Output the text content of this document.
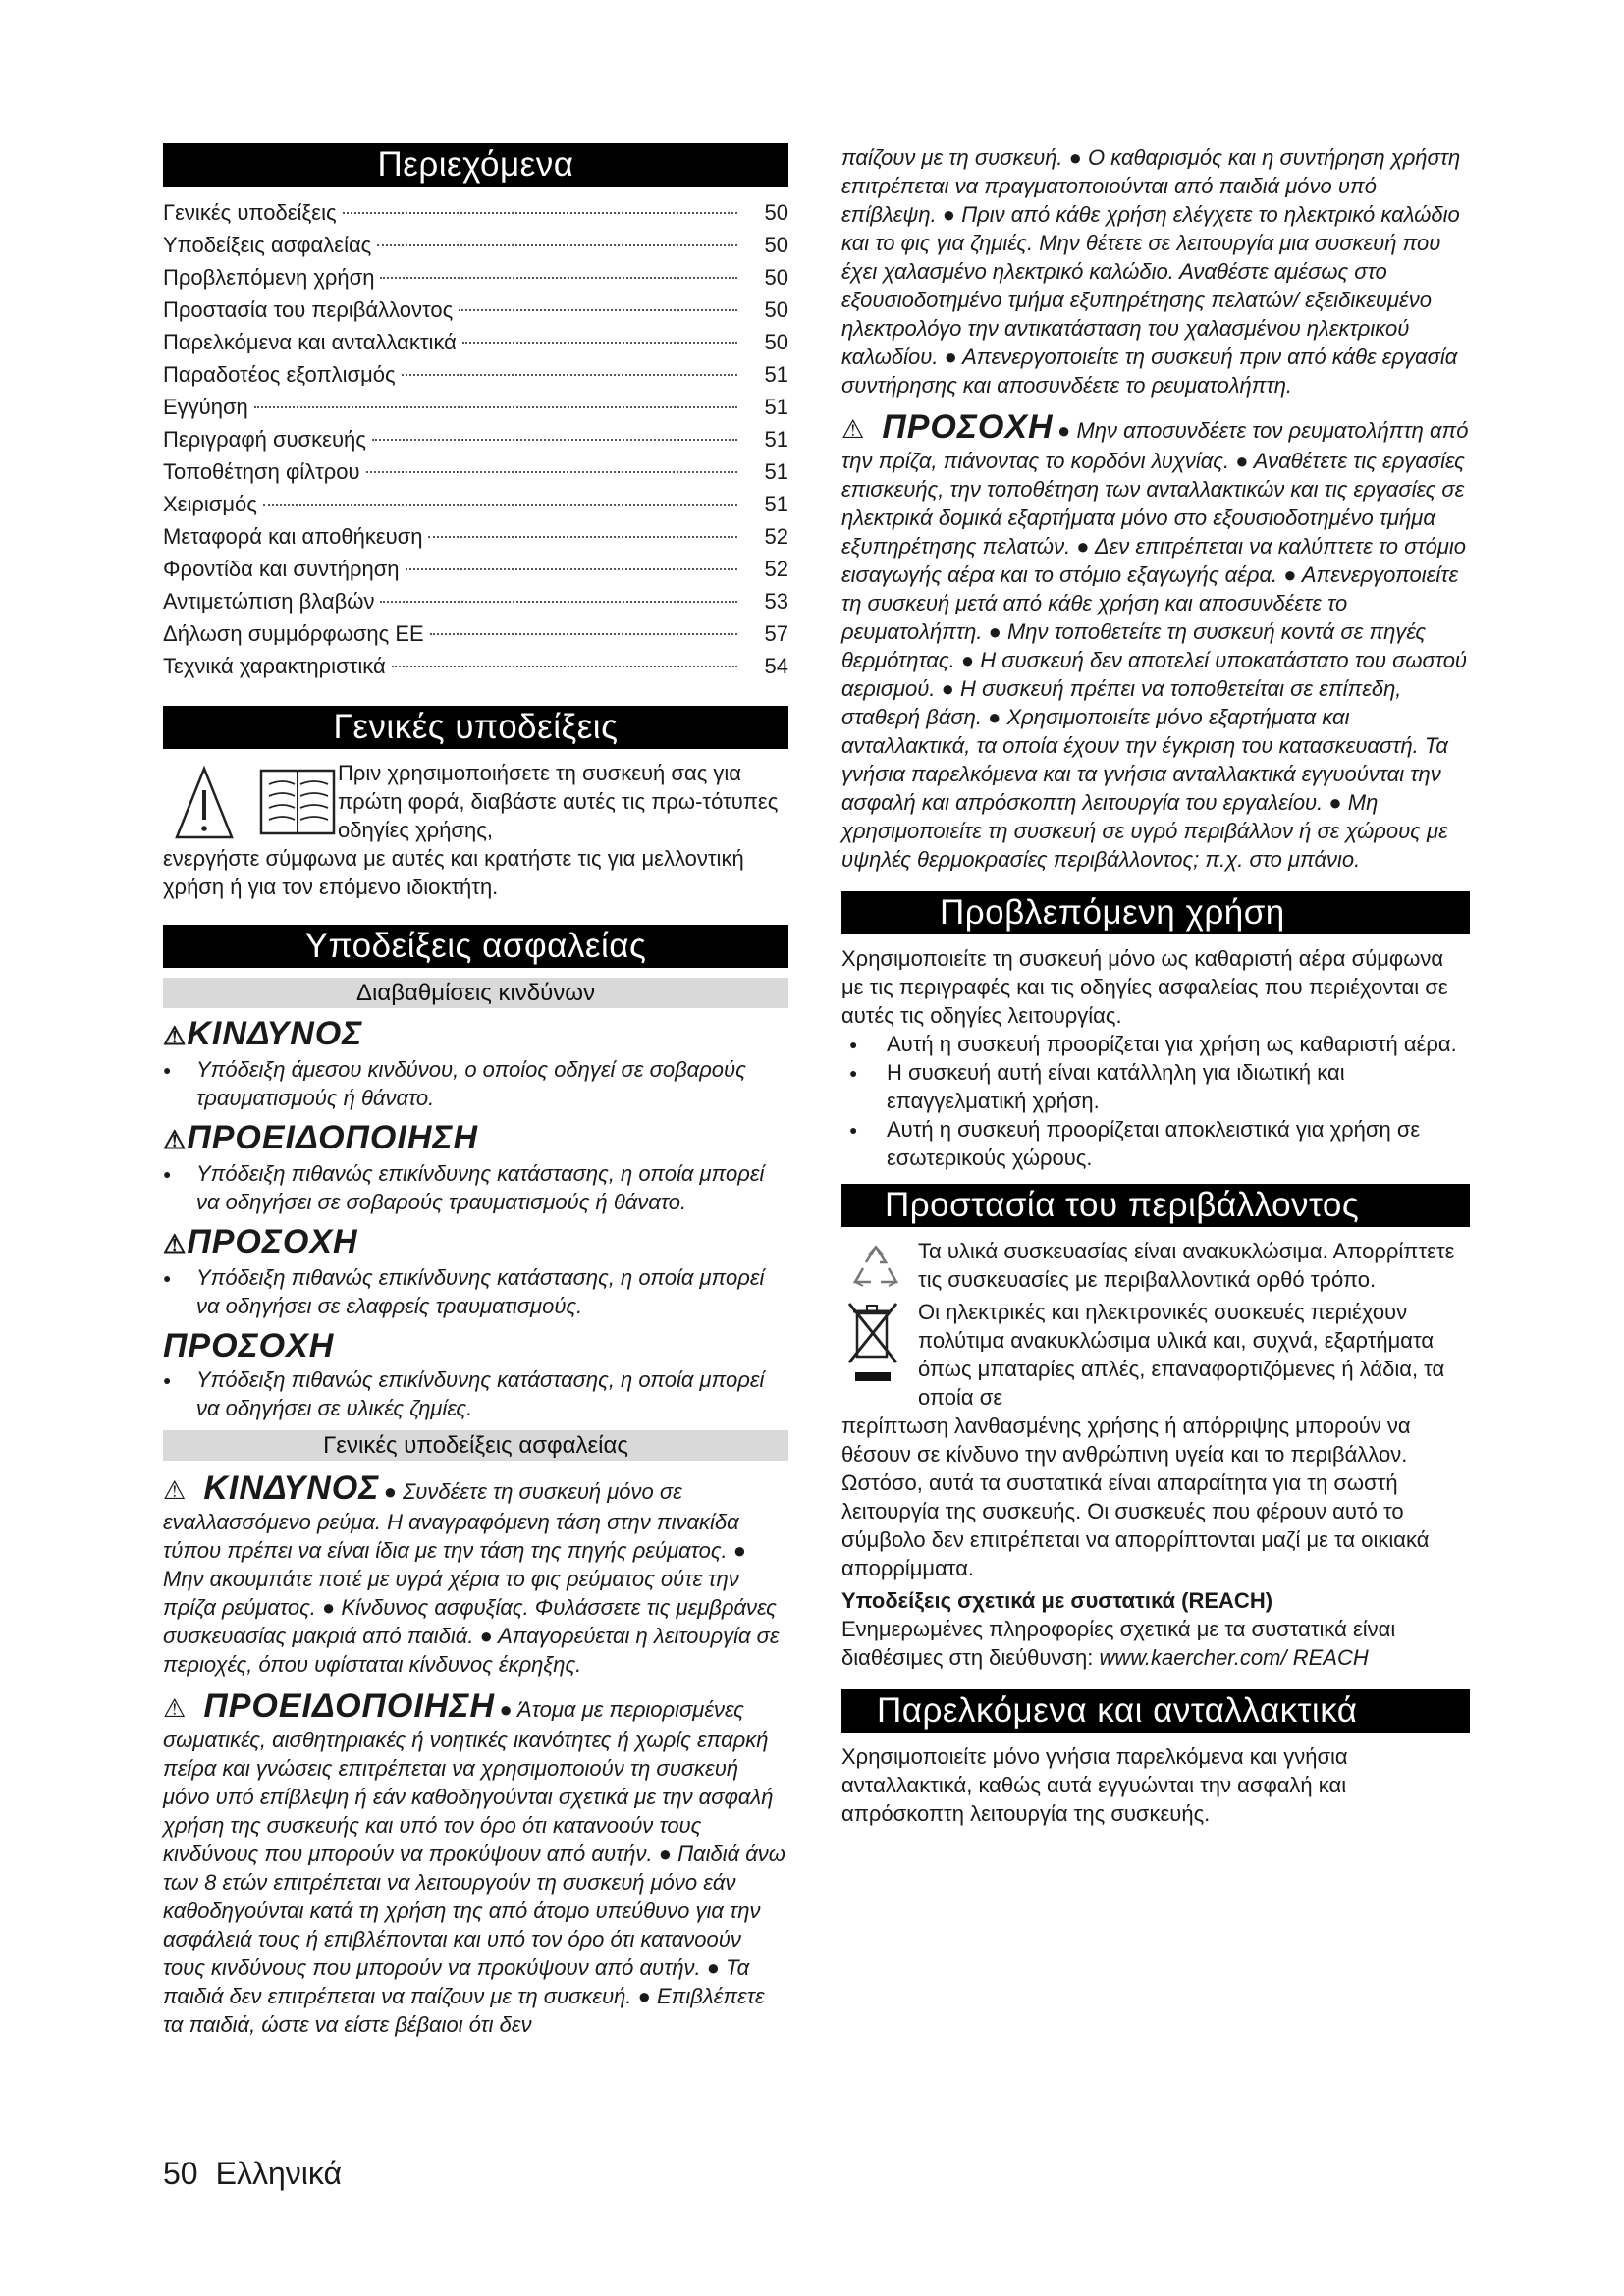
Περιεχόμενα
Γενικές υποδείξεις	50
Υποδείξεις ασφαλείας	50
Προβλεπόμενη χρήση	50
Προστασία του περιβάλλοντος	50
Παρελκόμενα και ανταλλακτικά	50
Παραδοτέος εξοπλισμός	51
Εγγύηση	51
Περιγραφή συσκευής	51
Τοποθέτηση φίλτρου	51
Χειρισμός	51
Μεταφορά και αποθήκευση	52
Φροντίδα και συντήρηση	52
Αντιμετώπιση βλαβών	53
Δήλωση συμμόρφωσης ΕΕ	57
Τεχνικά χαρακτηριστικά	54
Γενικές υποδείξεις
Πριν χρησιμοποιήσετε τη συσκευή σας για πρώτη φορά, διαβάστε αυτές τις πρω-τότυπες οδηγίες χρήσης,
ενεργήστε σύμφωνα με αυτές και κρατήστε τις για μελλοντική χρήση ή για τον επόμενο ιδιοκτήτη.
Υποδείξεις ασφαλείας
Διαβαθμίσεις κινδύνων
⚠ΚΙΝΔΥΝΟΣ
● Υπόδειξη άμεσου κινδύνου, ο οποίος οδηγεί σε σοβαρούς τραυματισμούς ή θάνατο.
⚠ΠΡΟΕΙΔΟΠΟΙΗΣΗ
● Υπόδειξη πιθανώς επικίνδυνης κατάστασης, η οποία μπορεί να οδηγήσει σε σοβαρούς τραυματισμούς ή θάνατο.
⚠ΠΡΟΣΟΧΗ
● Υπόδειξη πιθανώς επικίνδυνης κατάστασης, η οποία μπορεί να οδηγήσει σε ελαφρείς τραυματισμούς.
ΠΡΟΣΟΧΗ
● Υπόδειξη πιθανώς επικίνδυνης κατάστασης, η οποία μπορεί να οδηγήσει σε υλικές ζημίες.
Γενικές υποδείξεις ασφαλείας
⚠ ΚΙΝΔΥΝΟΣ ● Συνδέετε τη συσκευή μόνο σε εναλλασσόμενο ρεύμα. Η αναγραφόμενη τάση στην πινακίδα τύπου πρέπει να είναι ίδια με την τάση της πηγής ρεύματος. ● Μην ακουμπάτε ποτέ με υγρά χέρια το φις ρεύματος ούτε την πρίζα ρεύματος. ● Κίνδυνος ασφυξίας. Φυλάσσετε τις μεμβράνες συσκευασίας μακριά από παιδιά. ● Απαγορεύεται η λειτουργία σε περιοχές, όπου υφίσταται κίνδυνος έκρηξης.
⚠ ΠΡΟΕΙΔΟΠΟΙΗΣΗ ● Άτομα με περιορισμένες σωματικές, αισθητηριακές ή νοητικές ικανότητες ή χωρίς επαρκή πείρα και γνώσεις επιτρέπεται να χρησιμοποιούν τη συσκευή μόνο υπό επίβλεψη ή εάν καθοδηγούνται σχετικά με την ασφαλή χρήση της συσκευής και υπό τον όρο ότι κατανοούν τους κινδύνους που μπορούν να προκύψουν από αυτήν. ● Παιδιά άνω των 8 ετών επιτρέπεται να λειτουργούν τη συσκευή μόνο εάν καθοδηγούνται κατά τη χρήση της από άτομο υπεύθυνο για την ασφάλειά τους ή επιβλέπονται και υπό τον όρο ότι κατανοούν τους κινδύνους που μπορούν να προκύψουν από αυτήν. ● Τα παιδιά δεν επιτρέπεται να παίζουν με τη συσκευή. ● Επιβλέπετε τα παιδιά, ώστε να είστε βέβαιοι ότι δεν

παίζουν με τη συσκευή. ● Ο καθαρισμός και η συντήρηση χρήστη επιτρέπεται να πραγματοποιούνται από παιδιά μόνο υπό επίβλεψη. ● Πριν από κάθε χρήση ελέγχετε το ηλεκτρικό καλώδιο και το φις για ζημιές. Μην θέτετε σε λειτουργία μια συσκευή που έχει χαλασμένο ηλεκτρικό καλώδιο. Αναθέστε αμέσως στο εξουσιοδοτημένο τμήμα εξυπηρέτησης πελατών/ εξειδικευμένο ηλεκτρολόγο την αντικατάσταση του χαλασμένου ηλεκτρικού καλωδίου. ● Απενεργοποιείτε τη συσκευή πριν από κάθε εργασία συντήρησης και αποσυνδέετε το ρευματολήπτη.

⚠ ΠΡΟΣΟΧΗ ● Μην αποσυνδέετε τον ρευματολήπτη από την πρίζα, πιάνοντας το κορδόνι λυχνίας. ● Αναθέτετε τις εργασίες επισκευής, την τοποθέτηση των ανταλλακτικών και τις εργασίες σε ηλεκτρικά δομικά εξαρτήματα μόνο στο εξουσιοδοτημένο τμήμα εξυπηρέτησης πελατών. ● Δεν επιτρέπεται να καλύπτετε το στόμιο εισαγωγής αέρα και το στόμιο εξαγωγής αέρα. ● Απενεργοποιείτε τη συσκευή μετά από κάθε χρήση και αποσυνδέετε το ρευματολήπτη. ● Μην τοποθετείτε τη συσκευή κοντά σε πηγές θερμότητας. ● Η συσκευή δεν αποτελεί υποκατάστατο του σωστού αερισμού. ● Η συσκευή πρέπει να τοποθετείται σε επίπεδη, σταθερή βάση. ● Χρησιμοποιείτε μόνο εξαρτήματα και ανταλλακτικά, τα οποία έχουν την έγκριση του κατασκευαστή. Τα γνήσια παρελκόμενα και τα γνήσια ανταλλακτικά εγγυούνται την ασφαλή και απρόσκοπτη λειτουργία του εργαλείου. ● Μη χρησιμοποιείτε τη συσκευή σε υγρό περιβάλλον ή σε χώρους με υψηλές θερμοκρασίες περιβάλλοντος; π.χ. στο μπάνιο.
Προβλεπόμενη χρήση

Χρησιμοποιείτε τη συσκευή μόνο ως καθαριστή αέρα σύμφωνα με τις περιγραφές και τις οδηγίες ασφαλείας που περιέχονται σε αυτές τις οδηγίες λειτουργίας.

● Αυτή η συσκευή προορίζεται για χρήση ως καθαριστή αέρα.
● Η συσκευή αυτή είναι κατάλληλη για ιδιωτική και επαγγελματική χρήση.
● Αυτή η συσκευή προορίζεται αποκλειστικά για χρήση σε εσωτερικούς χώρους.
Προστασία του περιβάλλοντος

Τα υλικά συσκευασίας είναι ανακυκλώσιμα. Απορρίπτετε τις συσκευασίες με περιβαλλοντικά ορθό τρόπο.

Οι ηλεκτρικές και ηλεκτρονικές συσκευές περιέχουν πολύτιμα ανακυκλώσιμα υλικά και, συχνά, εξαρτήματα όπως μπαταρίες απλές, επαναφορτιζόμενες ή λάδια, τα οποία σε

περίπτωση λανθασμένης χρήσης ή απόρριψης μπορούν να θέσουν σε κίνδυνο την ανθρώπινη υγεία και το περιβάλλον. Ωστόσο, αυτά τα συστατικά είναι απαραίτητα για τη σωστή λειτουργία της συσκευής. Οι συσκευές που φέρουν αυτό το σύμβολο δεν επιτρέπεται να απορρίπτονται μαζί με τα οικιακά απορρίμματα.

Υποδείξεις σχετικά με συστατικά (REACH)

Ενημερωμένες πληροφορίες σχετικά με τα συστατικά είναι διαθέσιμες στη διεύθυνση: www.kaercher.com/ REACH

Παρελκόμενα και ανταλλακτικά

Χρησιμοποιείτε μόνο γνήσια παρελκόμενα και γνήσια ανταλλακτικά, καθώς αυτά εγγυώνται την ασφαλή και απρόσκοπτη λειτουργία της συσκευής.

50 Ελληνικά
